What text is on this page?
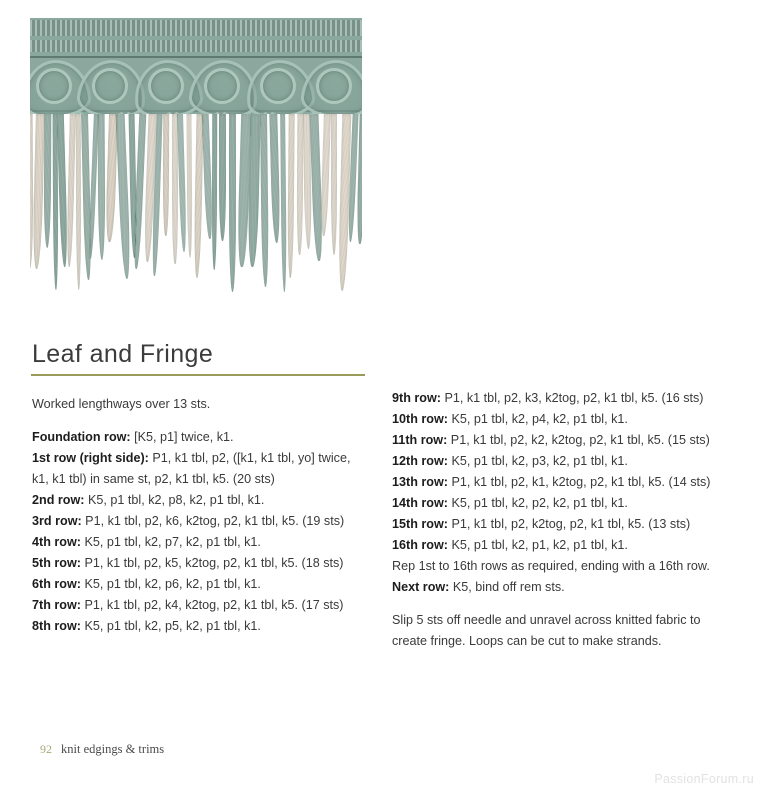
Leaf and Fringe
Worked lengthways over 13 sts.
Foundation row: [K5, p1] twice, k1.
1st row (right side): P1, k1 tbl, p2, ([k1, k1 tbl, yo] twice, k1, k1 tbl) in same st, p2, k1 tbl, k5. (20 sts)
2nd row: K5, p1 tbl, k2, p8, k2, p1 tbl, k1.
3rd row: P1, k1 tbl, p2, k6, k2tog, p2, k1 tbl, k5. (19 sts)
4th row: K5, p1 tbl, k2, p7, k2, p1 tbl, k1.
5th row: P1, k1 tbl, p2, k5, k2tog, p2, k1 tbl, k5. (18 sts)
6th row: K5, p1 tbl, k2, p6, k2, p1 tbl, k1.
7th row: P1, k1 tbl, p2, k4, k2tog, p2, k1 tbl, k5. (17 sts)
8th row: K5, p1 tbl, k2, p5, k2, p1 tbl, k1.
9th row: P1, k1 tbl, p2, k3, k2tog, p2, k1 tbl, k5. (16 sts)
10th row: K5, p1 tbl, k2, p4, k2, p1 tbl, k1.
11th row: P1, k1 tbl, p2, k2, k2tog, p2, k1 tbl, k5. (15 sts)
12th row: K5, p1 tbl, k2, p3, k2, p1 tbl, k1.
13th row: P1, k1 tbl, p2, k1, k2tog, p2, k1 tbl, k5. (14 sts)
14th row: K5, p1 tbl, k2, p2, k2, p1 tbl, k1.
15th row: P1, k1 tbl, p2, k2tog, p2, k1 tbl, k5. (13 sts)
16th row: K5, p1 tbl, k2, p1, k2, p1 tbl, k1.
Rep 1st to 16th rows as required, ending with a 16th row.
Next row: K5, bind off rem sts.
Slip 5 sts off needle and unravel across knitted fabric to create fringe. Loops can be cut to make strands.
92 knit edgings & trims
PassionForum.ru
